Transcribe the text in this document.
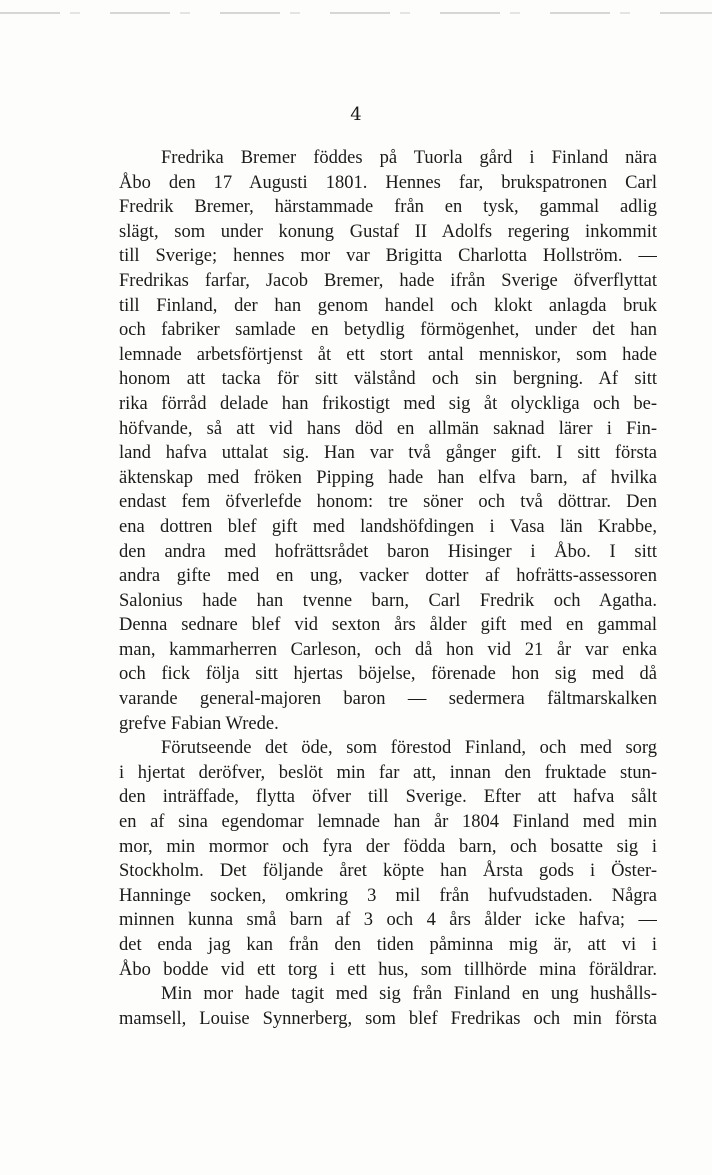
4
Fredrika Bremer föddes på Tuorla gård i Finland nära
Åbo den 17 Augusti 1801. Hennes far, brukspatronen Carl
Fredrik Bremer, härstammade från en tysk, gammal adlig
slägt, som under konung Gustaf II Adolfs regering inkommit
till Sverige; hennes mor var Brigitta Charlotta Hollström. —
Fredrikas farfar, Jacob Bremer, hade ifrån Sverige öfverflyttat
till Finland, der han genom handel och klokt anlagda bruk
och fabriker samlade en betydlig förmögenhet, under det han
lemnade arbetsförtjenst åt ett stort antal menniskor, som hade
honom att tacka för sitt välstånd och sin bergning. Af sitt
rika förråd delade han frikostigt med sig åt olyckliga och be-
höfvande, så att vid hans död en allmän saknad lärer i Fin-
land hafva uttalat sig. Han var två gånger gift. I sitt första
äktenskap med fröken Pipping hade han elfva barn, af hvilka
endast fem öfverlefde honom: tre söner och två döttrar. Den
ena dottren blef gift med landshöfdingen i Vasa län Krabbe,
den andra med hofrättsrådet baron Hisinger i Åbo. I sitt
andra gifte med en ung, vacker dotter af hofrätts-assessoren
Salonius hade han tvenne barn, Carl Fredrik och Agatha.
Denna sednare blef vid sexton års ålder gift med en gammal
man, kammarherren Carleson, och då hon vid 21 år var enka
och fick följa sitt hjertas böjelse, förenade hon sig med då
varande general-majoren baron — sedermera fältmarskalken
grefve Fabian Wrede.
Förutseende det öde, som förestod Finland, och med sorg
i hjertat deröfver, beslöt min far att, innan den fruktade stun-
den inträffade, flytta öfver till Sverige. Efter att hafva sålt
en af sina egendomar lemnade han år 1804 Finland med min
mor, min mormor och fyra der födda barn, och bosatte sig i
Stockholm. Det följande året köpte han Årsta gods i Öster-
Hanninge socken, omkring 3 mil från hufvudstaden. Några
minnen kunna små barn af 3 och 4 års ålder icke hafva; —
det enda jag kan från den tiden påminna mig är, att vi i
Åbo bodde vid ett torg i ett hus, som tillhörde mina föräldrar.
Min mor hade tagit med sig från Finland en ung hushålls-
mamsell, Louise Synnerberg, som blef Fredrikas och min första
